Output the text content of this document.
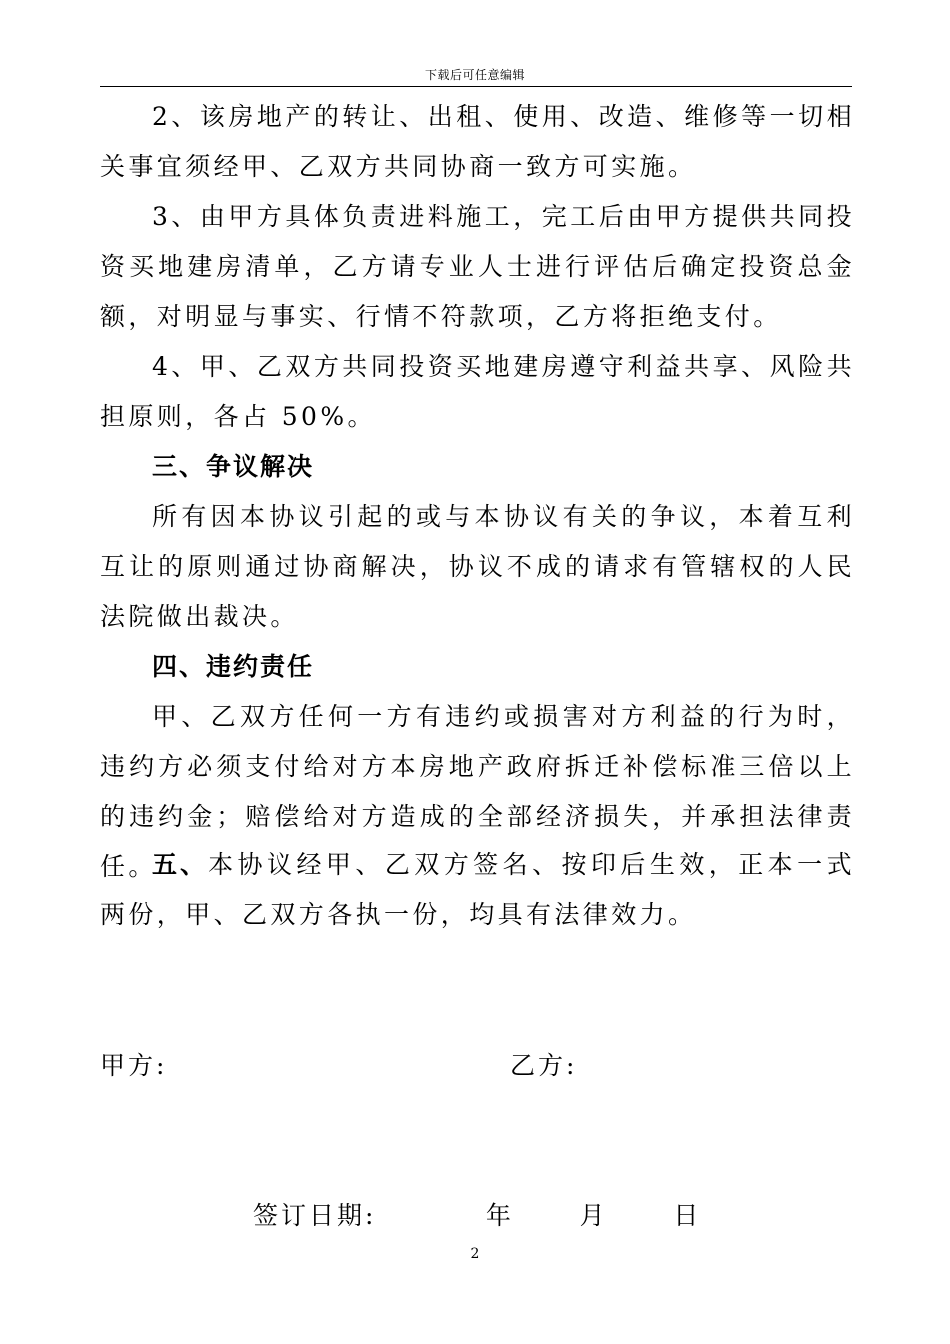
下载后可任意编辑

2、该房地产的转让、出租、使用、改造、维修等一切相关事宜须经甲、乙双方共同协商一致方可实施。

3、由甲方具体负责进料施工，完工后由甲方提供共同投资买地建房清单，乙方请专业人士进行评估后确定投资总金额，对明显与事实、行情不符款项，乙方将拒绝支付。

4、甲、乙双方共同投资买地建房遵守利益共享、风险共担原则，各占 50%。

三、争议解决

所有因本协议引起的或与本协议有关的争议，本着互利互让的原则通过协商解决，协议不成的请求有管辖权的人民法院做出裁决。

四、违约责任

甲、乙双方任何一方有违约或损害对方利益的行为时，违约方必须支付给对方本房地产政府拆迁补偿标准三倍以上的违约金；赔偿给对方造成的全部经济损失，并承担法律责任。

五、本协议经甲、乙双方签名、按印后生效，正本一式两份，甲、乙双方各执一份，均具有法律效力。

甲方:	乙方:
签订日期:	年	月	日
2
